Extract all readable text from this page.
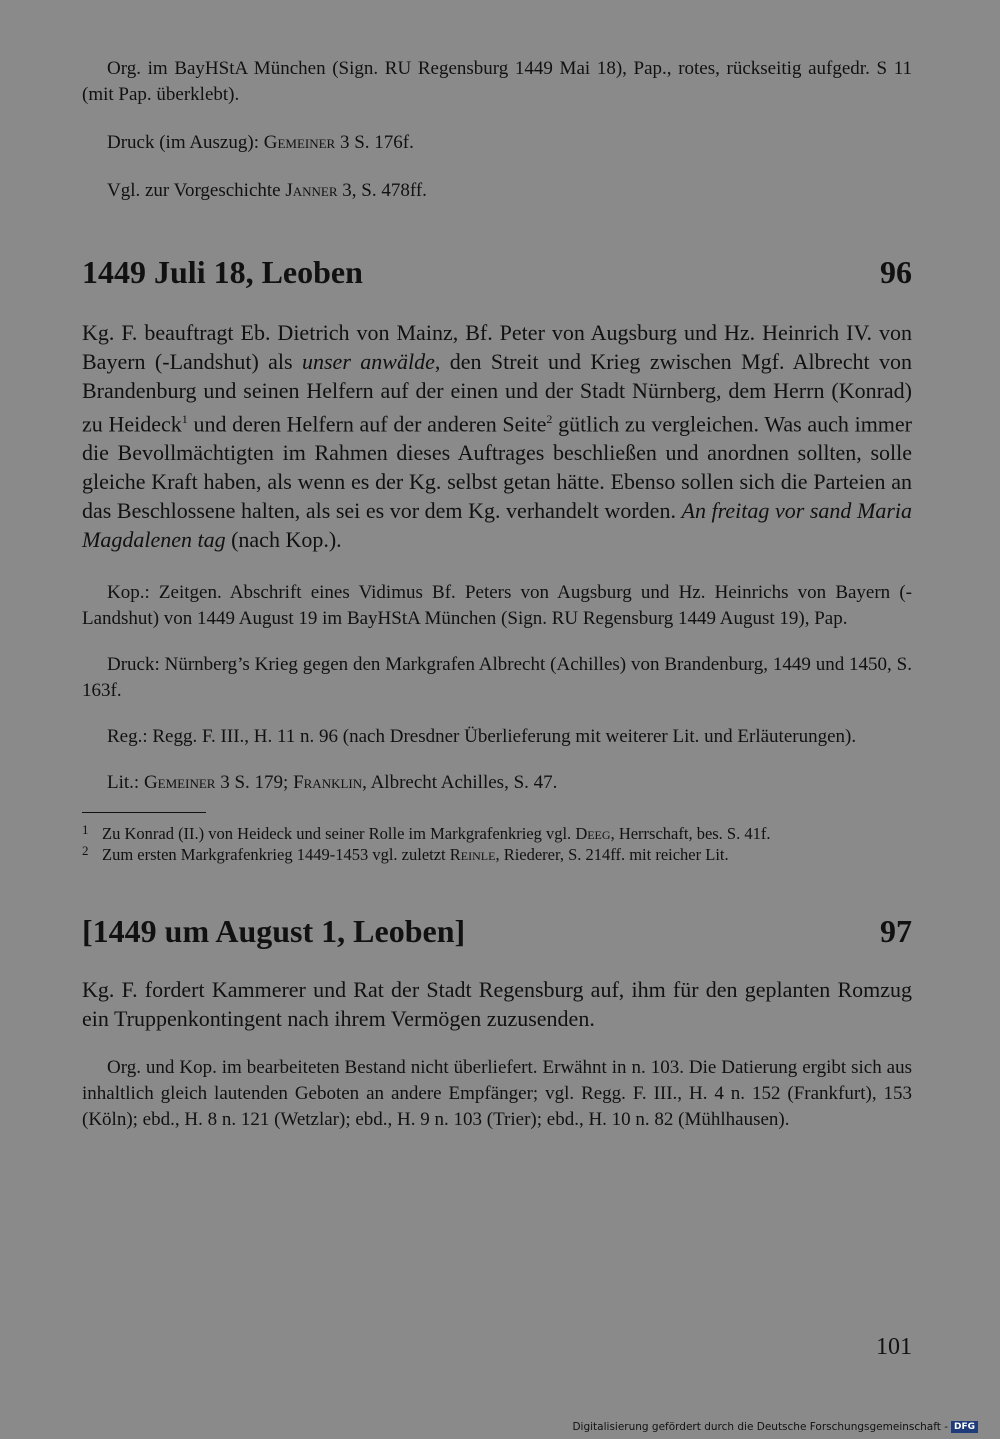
Org. im BayHStA München (Sign. RU Regensburg 1449 Mai 18), Pap., rotes, rückseitig aufgedr. S 11 (mit Pap. überklebt).

Druck (im Auszug): Gemeiner 3 S. 176f.

Vgl. zur Vorgeschichte Janner 3, S. 478ff.

1449 Juli 18, Leoben	96

Kg. F. beauftragt Eb. Dietrich von Mainz, Bf. Peter von Augsburg und Hz. Heinrich IV. von Bayern (-Landshut) als unser anwälde, den Streit und Krieg zwischen Mgf. Albrecht von Brandenburg und seinen Helfern auf der einen und der Stadt Nürnberg, dem Herrn (Konrad) zu Heideck$^1$ und deren Helfern auf der anderen Seite$^2$ gütlich zu vergleichen. Was auch immer die Bevollmächtigten im Rahmen dieses Auftrages beschließen und anordnen sollten, solle gleiche Kraft haben, als wenn es der Kg. selbst getan hätte. Ebenso sollen sich die Parteien an das Beschlossene halten, als sei es vor dem Kg. verhandelt worden. An freitag vor sand Maria Magdalenen tag (nach Kop.).

Kop.: Zeitgen. Abschrift eines Vidimus Bf. Peters von Augsburg und Hz. Heinrichs von Bayern (-Landshut) von 1449 August 19 im BayHStA München (Sign. RU Regensburg 1449 August 19), Pap.

Druck: Nürnberg’s Krieg gegen den Markgrafen Albrecht (Achilles) von Brandenburg, 1449 und 1450, S. 163f.

Reg.: Regg. F. III., H. 11 n. 96 (nach Dresdner Überlieferung mit weiterer Lit. und Erläuterungen).

Lit.: Gemeiner 3 S. 179; Franklin, Albrecht Achilles, S. 47.

1 Zu Konrad (II.) von Heideck und seiner Rolle im Markgrafenkrieg vgl. Deeg, Herrschaft, bes. S. 41f.

2 Zum ersten Markgrafenkrieg 1449-1453 vgl. zuletzt Reinle, Riederer, S. 214ff. mit reicher Lit.

[1449 um August 1, Leoben]	97

Kg. F. fordert Kammerer und Rat der Stadt Regensburg auf, ihm für den geplanten Romzug ein Truppenkontingent nach ihrem Vermögen zuzusenden.

Org. und Kop. im bearbeiteten Bestand nicht überliefert. Erwähnt in n. 103. Die Datierung ergibt sich aus inhaltlich gleich lautenden Geboten an andere Empfänger; vgl. Regg. F. III., H. 4 n. 152 (Frankfurt), 153 (Köln); ebd., H. 8 n. 121 (Wetzlar); ebd., H. 9 n. 103 (Trier); ebd., H. 10 n. 82 (Mühlhausen).

101
Digitalisierung gefördert durch die Deutsche Forschungsgemeinschaft - DFG
